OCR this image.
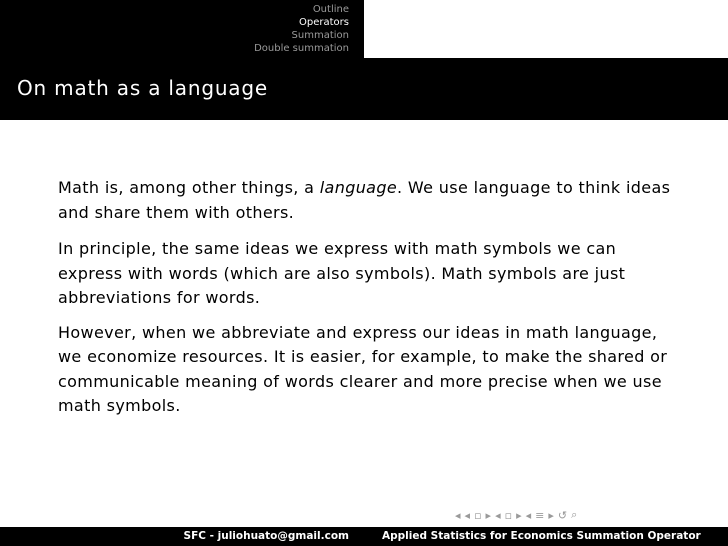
Outline
Operators
Summation
Double summation
On math as a language

Math is, among other things, a language. We use language to think ideas and share them with others.

In principle, the same ideas we express with math symbols we can express with words (which are also symbols). Math symbols are just abbreviations for words.

However, when we abbreviate and express our ideas in math language, we economize resources. It is easier, for example, to make the shared or communicable meaning of words clearer and more precise when we use math symbols.

◂ ◂ ▫ ▸ ◂ ▫ ▸ ◂ ≡ ▸ ↺ ⌕
SFC - juliohuato@gmail.com	Applied Statistics for Economics Summation Operator
